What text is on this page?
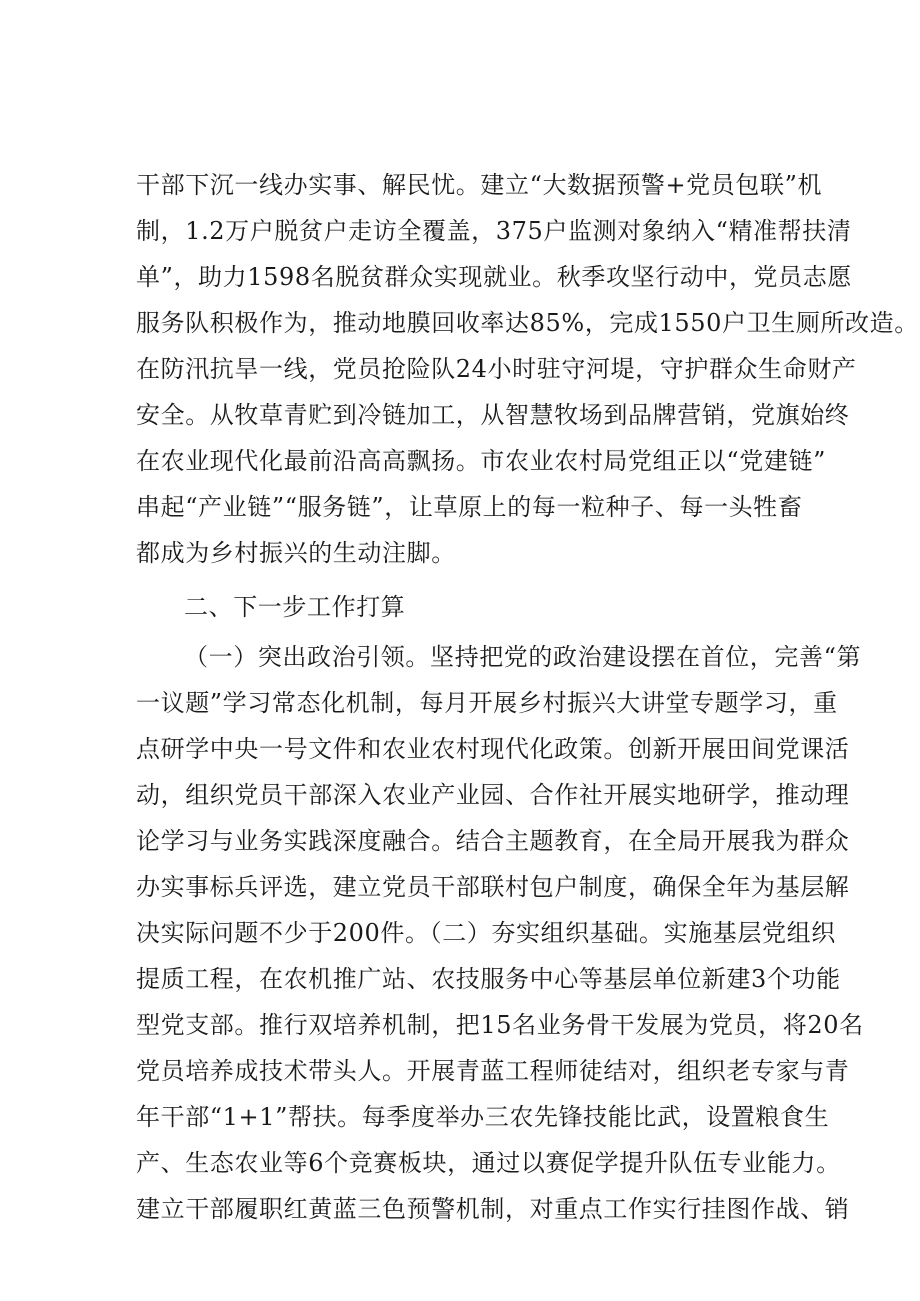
干部下沉一线办实事、解民忧。建立“大数据预警+党员包联”机
制，1.2万户脱贫户走访全覆盖，375户监测对象纳入“精准帮扶清
单”，助力1598名脱贫群众实现就业。秋季攻坚行动中，党员志愿
服务队积极作为，推动地膜回收率达85%，完成1550户卫生厕所改造。
在防汛抗旱一线，党员抢险队24小时驻守河堤，守护群众生命财产
安全。从牧草青贮到冷链加工，从智慧牧场到品牌营销，党旗始终
在农业现代化最前沿高高飘扬。市农业农村局党组正以“党建链”
串起“产业链”“服务链”，让草原上的每一粒种子、每一头牲畜
都成为乡村振兴的生动注脚。
二、下一步工作打算
（一）突出政治引领。坚持把党的政治建设摆在首位，完善“第
一议题”学习常态化机制，每月开展乡村振兴大讲堂专题学习，重
点研学中央一号文件和农业农村现代化政策。创新开展田间党课活
动，组织党员干部深入农业产业园、合作社开展实地研学，推动理
论学习与业务实践深度融合。结合主题教育，在全局开展我为群众
办实事标兵评选，建立党员干部联村包户制度，确保全年为基层解
决实际问题不少于200件。（二）夯实组织基础。实施基层党组织
提质工程，在农机推广站、农技服务中心等基层单位新建3个功能
型党支部。推行双培养机制，把15名业务骨干发展为党员，将20名
党员培养成技术带头人。开展青蓝工程师徒结对，组织老专家与青
年干部“1+1”帮扶。每季度举办三农先锋技能比武，设置粮食生
产、生态农业等6个竞赛板块，通过以赛促学提升队伍专业能力。
建立干部履职红黄蓝三色预警机制，对重点工作实行挂图作战、销
